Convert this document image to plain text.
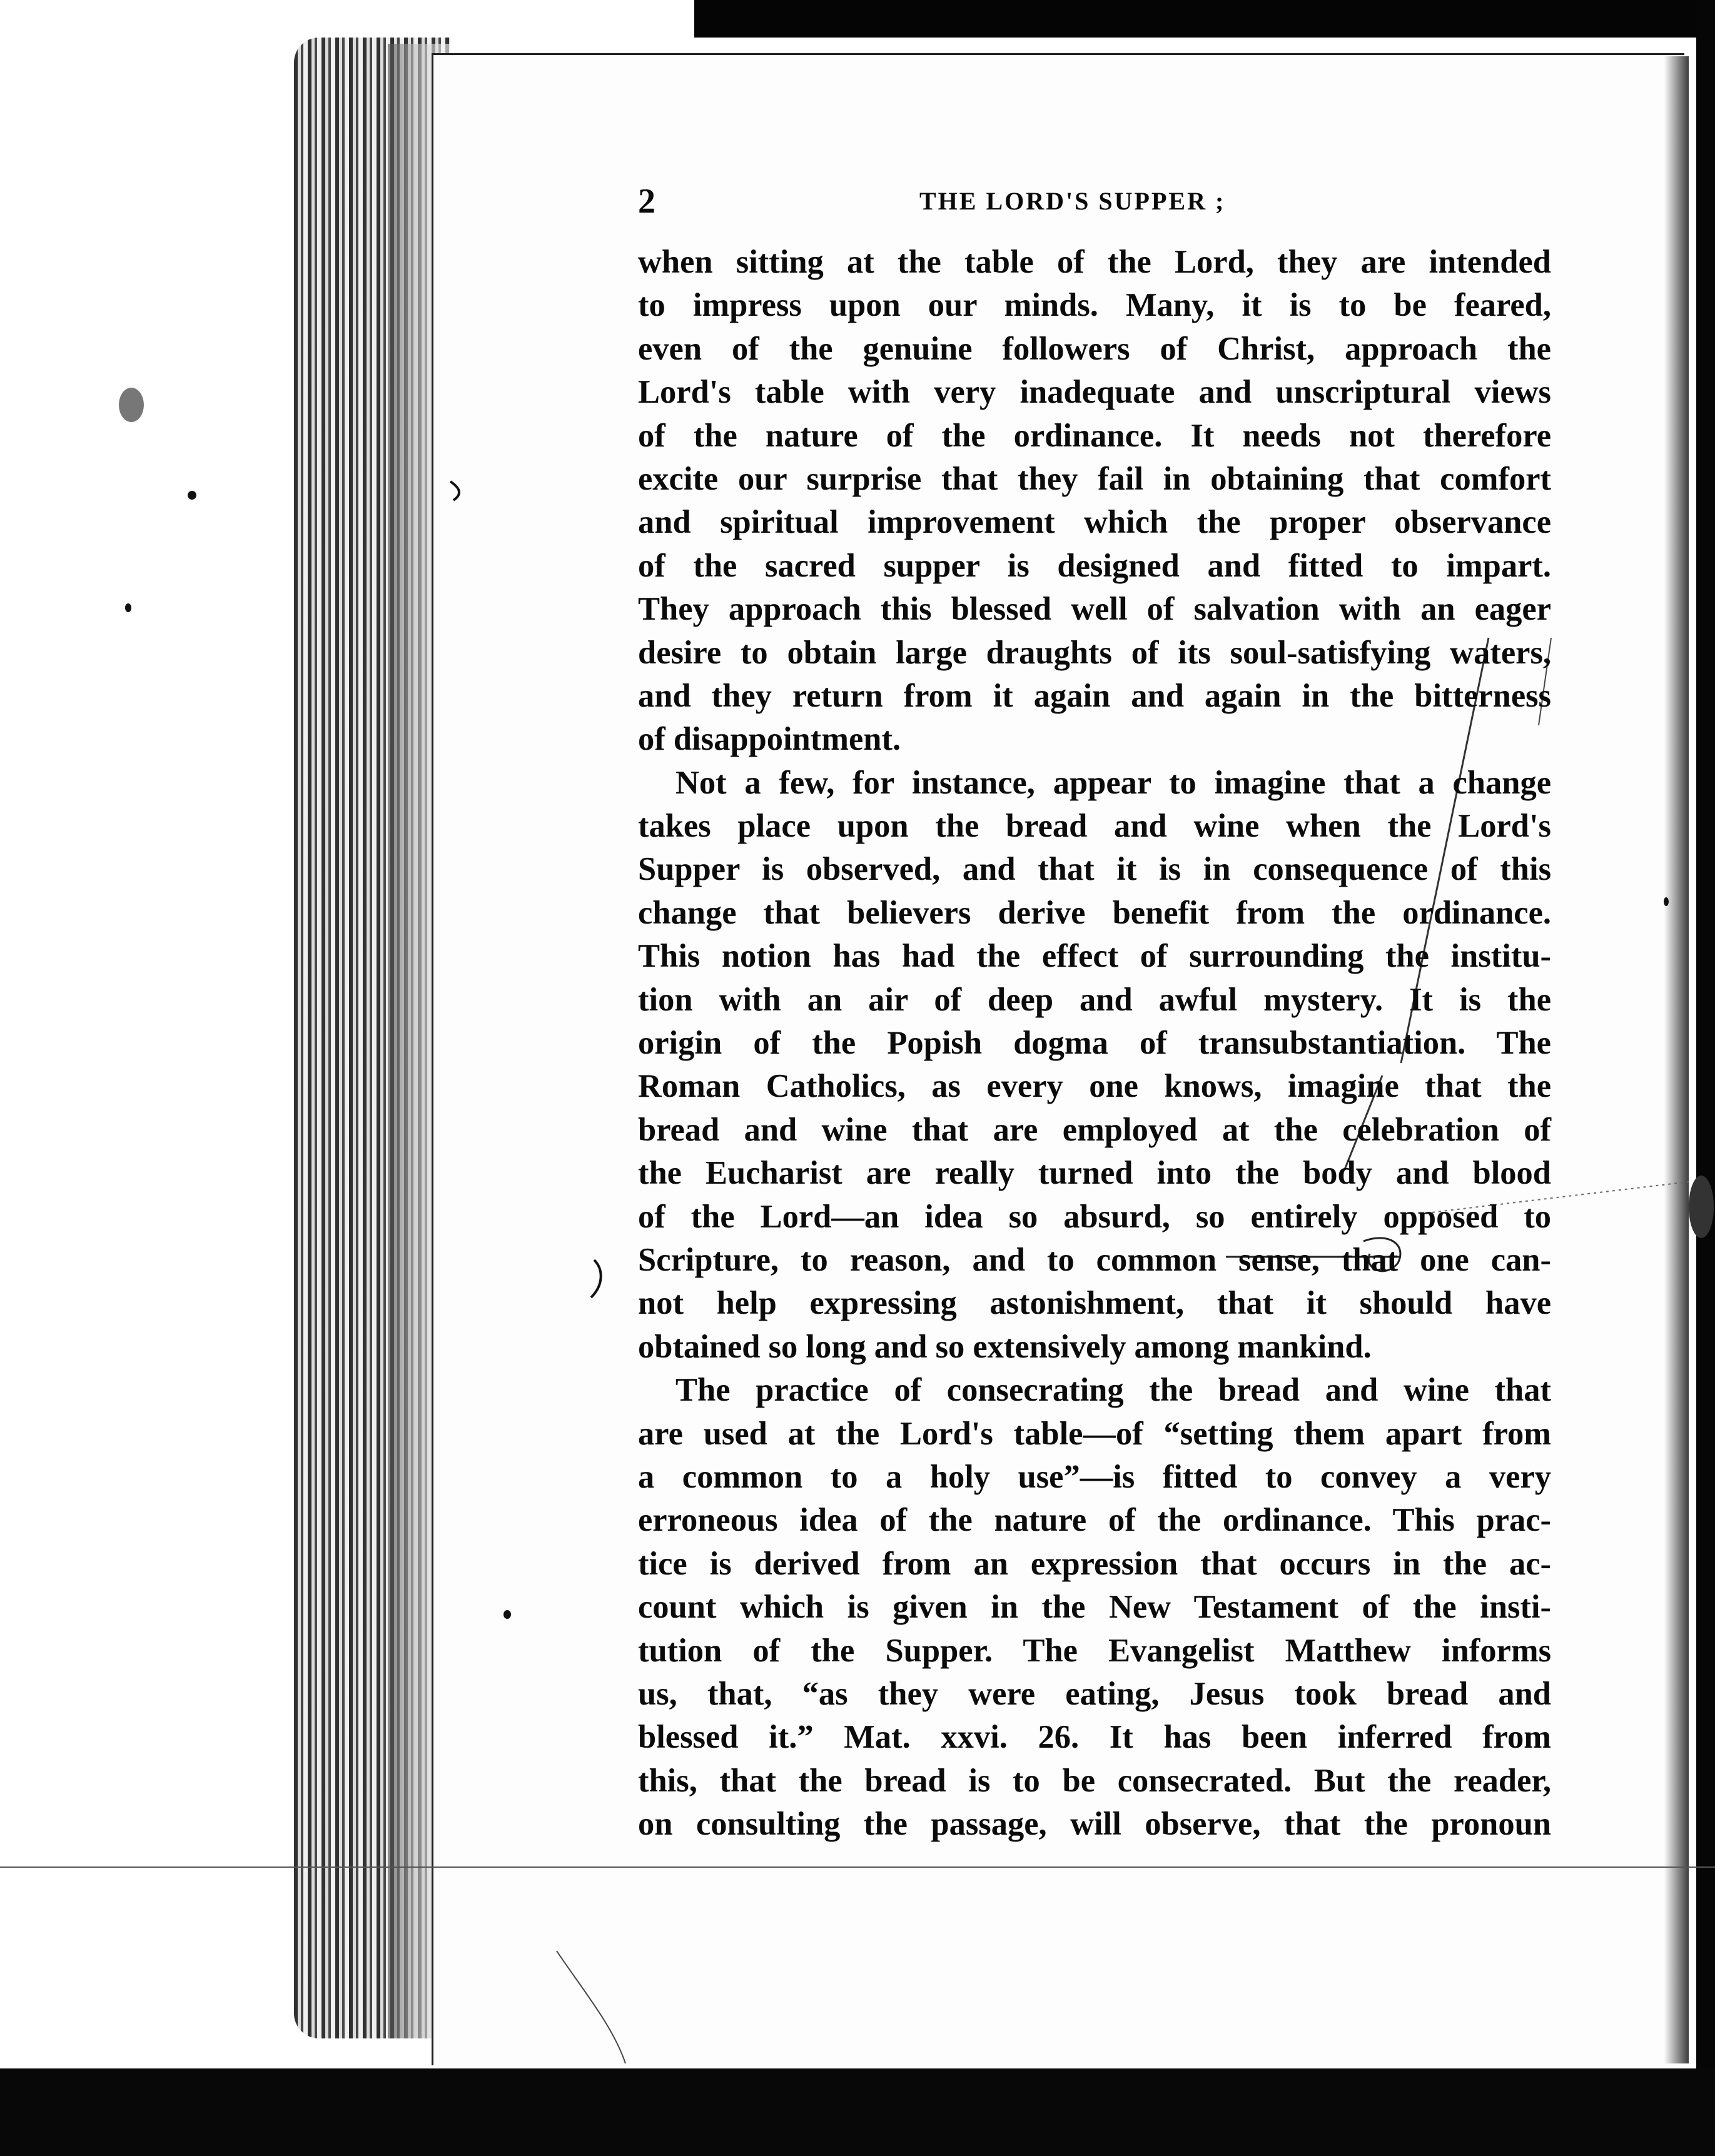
2	THE LORD'S SUPPER ;
when sitting at the table of the Lord, they are intended
to impress upon our minds. Many, it is to be feared,
even of the genuine followers of Christ, approach the
Lord's table with very inadequate and unscriptural views
of the nature of the ordinance. It needs not therefore
excite our surprise that they fail in obtaining that comfort
and spiritual improvement which the proper observance
of the sacred supper is designed and fitted to impart.
They approach this blessed well of salvation with an eager
desire to obtain large draughts of its soul-satisfying waters,
and they return from it again and again in the bitterness
of disappointment.
Not a few, for instance, appear to imagine that a change
takes place upon the bread and wine when the Lord's
Supper is observed, and that it is in consequence of this
change that believers derive benefit from the ordinance.
This notion has had the effect of surrounding the institu-
tion with an air of deep and awful mystery. It is the
origin of the Popish dogma of transubstantiation. The
Roman Catholics, as every one knows, imagine that the
bread and wine that are employed at the celebration of
the Eucharist are really turned into the body and blood
of the Lord—an idea so absurd, so entirely opposed to
Scripture, to reason, and to common sense, that one can-
not help expressing astonishment, that it should have
obtained so long and so extensively among mankind.
The practice of consecrating the bread and wine that
are used at the Lord's table—of “setting them apart from
a common to a holy use”—is fitted to convey a very
erroneous idea of the nature of the ordinance. This prac-
tice is derived from an expression that occurs in the ac-
count which is given in the New Testament of the insti-
tution of the Supper. The Evangelist Matthew informs
us, that, “as they were eating, Jesus took bread and
blessed it.” Mat. xxvi. 26. It has been inferred from
this, that the bread is to be consecrated. But the reader,
on consulting the passage, will observe, that the pronoun
